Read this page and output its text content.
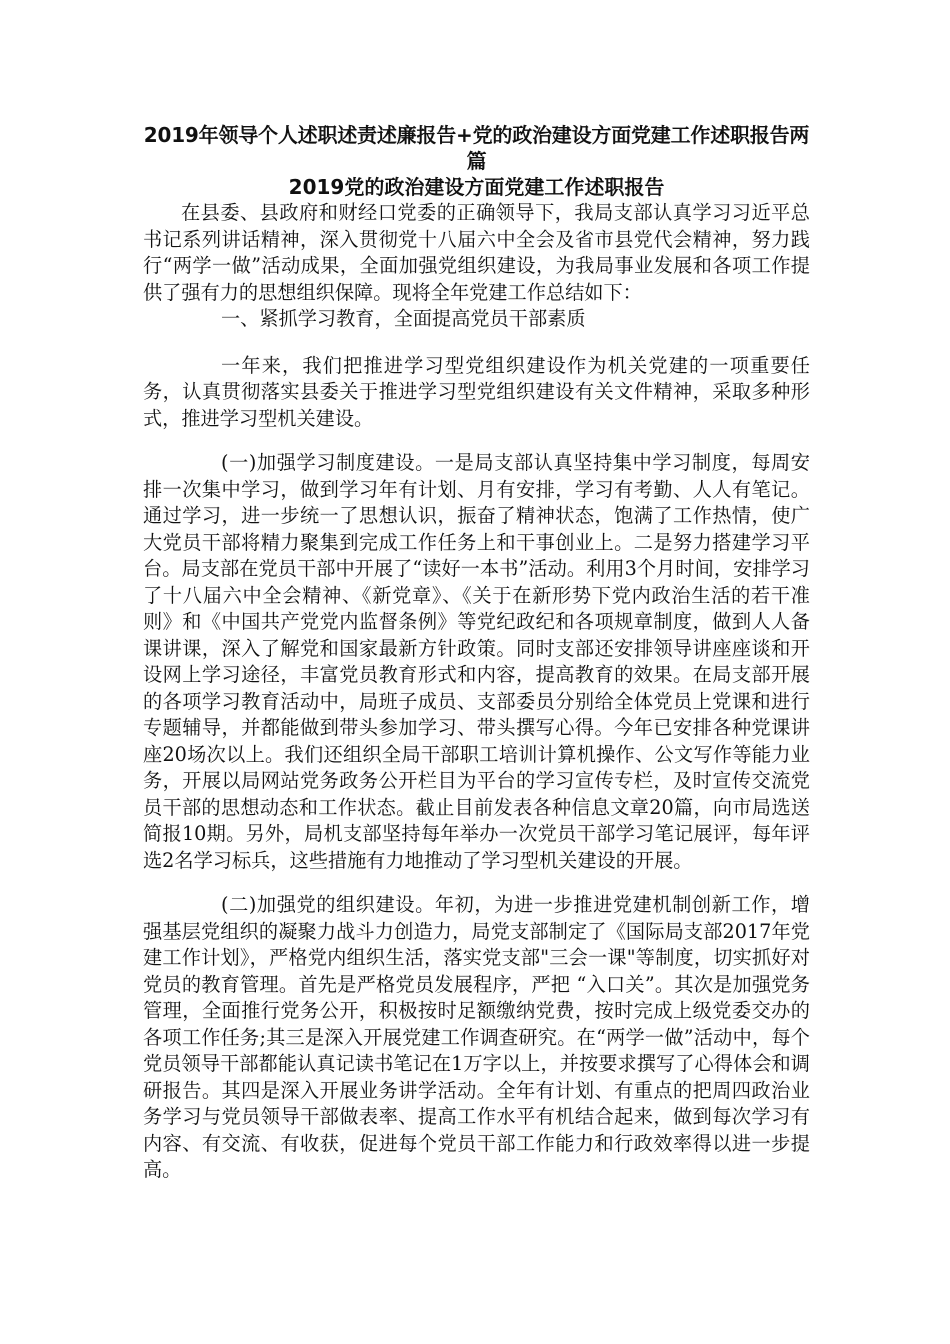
2019年领导个人述职述责述廉报告+党的政治建设方面党建工作述职报告两篇
2019党的政治建设方面党建工作述职报告

在县委、县政府和财经口党委的正确领导下，我局支部认真学习习近平总书记系列讲话精神，深入贯彻党十八届六中全会及省市县党代会精神，努力践行“两学一做”活动成果，全面加强党组织建设，为我局事业发展和各项工作提供了强有力的思想组织保障。现将全年党建工作总结如下：

一、紧抓学习教育，全面提高党员干部素质

一年来，我们把推进学习型党组织建设作为机关党建的一项重要任务，认真贯彻落实县委关于推进学习型党组织建设有关文件精神，采取多种形式，推进学习型机关建设。

(一)加强学习制度建设。一是局支部认真坚持集中学习制度，每周安排一次集中学习，做到学习年有计划、月有安排，学习有考勤、人人有笔记。通过学习，进一步统一了思想认识，振奋了精神状态，饱满了工作热情，使广大党员干部将精力聚集到完成工作任务上和干事创业上。二是努力搭建学习平台。局支部在党员干部中开展了“读好一本书”活动。利用3个月时间，安排学习了十八届六中全会精神、《新党章》、《关于在新形势下党内政治生活的若干准则》和《中国共产党党内监督条例》等党纪政纪和各项规章制度，做到人人备课讲课，深入了解党和国家最新方针政策。同时支部还安排领导讲座座谈和开设网上学习途径，丰富党员教育形式和内容，提高教育的效果。在局支部开展的各项学习教育活动中，局班子成员、支部委员分别给全体党员上党课和进行专题辅导，并都能做到带头参加学习、带头撰写心得。今年已安排各种党课讲座20场次以上。我们还组织全局干部职工培训计算机操作、公文写作等能力业务，开展以局网站党务政务公开栏目为平台的学习宣传专栏，及时宣传交流党员干部的思想动态和工作状态。截止目前发表各种信息文章20篇，向市局选送简报10期。另外，局机支部坚持每年举办一次党员干部学习笔记展评，每年评选2名学习标兵，这些措施有力地推动了学习型机关建设的开展。

(二)加强党的组织建设。年初，为进一步推进党建机制创新工作，增强基层党组织的凝聚力战斗力创造力，局党支部制定了《国际局支部2017年党建工作计划》，严格党内组织生活，落实党支部"三会一课"等制度，切实抓好对党员的教育管理。首先是严格党员发展程序，严把 “入口关”。其次是加强党务管理，全面推行党务公开，积极按时足额缴纳党费，按时完成上级党委交办的各项工作任务;其三是深入开展党建工作调查研究。在“两学一做”活动中，每个党员领导干部都能认真记读书笔记在1万字以上，并按要求撰写了心得体会和调研报告。其四是深入开展业务讲学活动。全年有计划、有重点的把周四政治业务学习与党员领导干部做表率、提高工作水平有机结合起来，做到每次学习有内容、有交流、有收获，促进每个党员干部工作能力和行政效率得以进一步提高。
